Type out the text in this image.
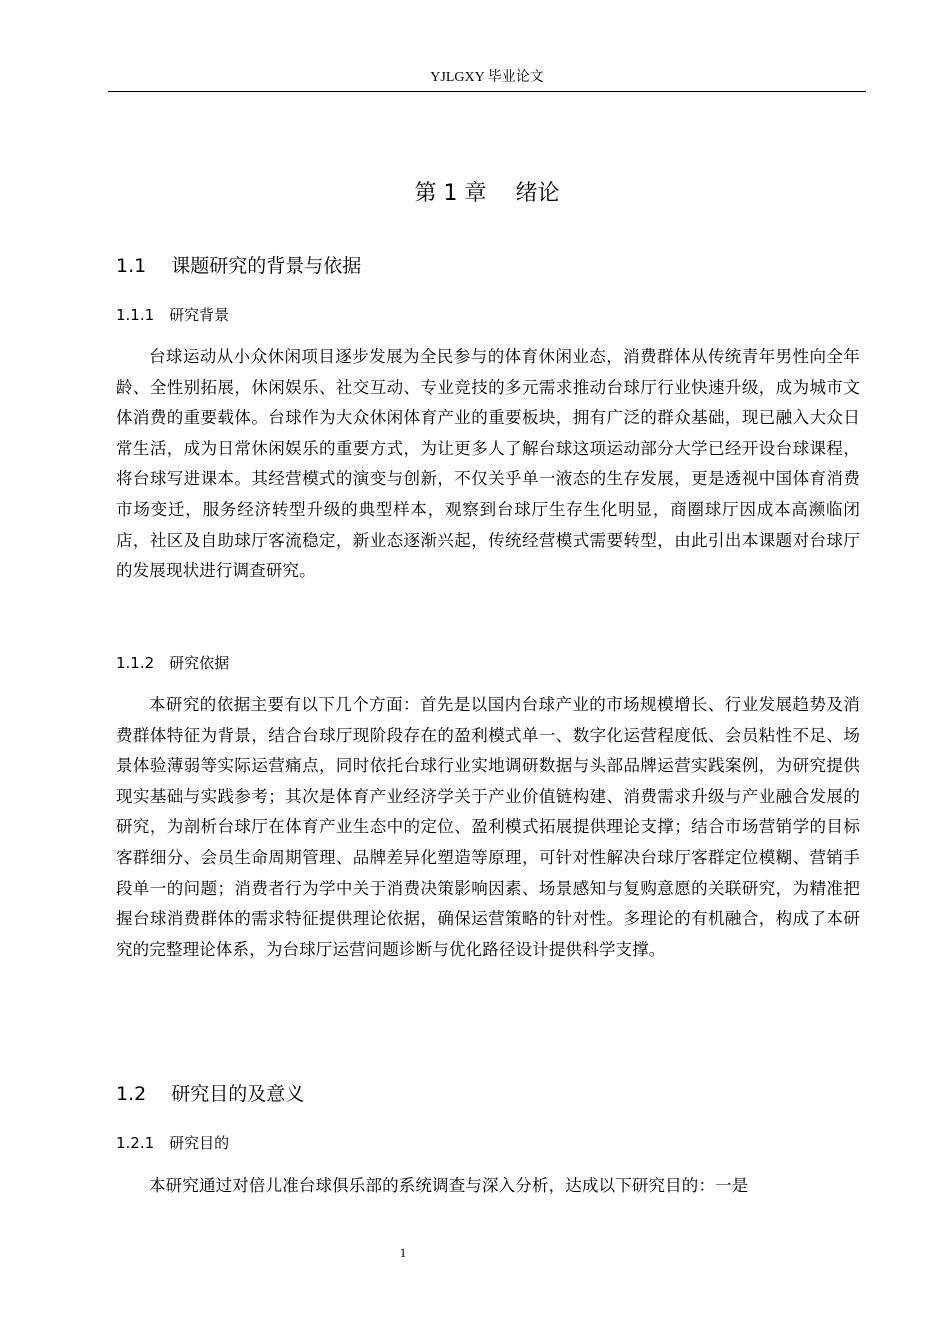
YJLGXY 毕业论文
第 1 章　 绪论
1.1　 课题研究的背景与依据
1.1.1　研究背景
台球运动从小众休闲项目逐步发展为全民参与的体育休闲业态，消费群体从传统青年男性向全年龄、全性别拓展，休闲娱乐、社交互动、专业竞技的多元需求推动台球厅行业快速升级，成为城市文体消费的重要载体。台球作为大众休闲体育产业的重要板块，拥有广泛的群众基础，现已融入大众日常生活，成为日常休闲娱乐的重要方式，为让更多人了解台球这项运动部分大学已经开设台球课程，将台球写进课本。其经营模式的演变与创新，不仅关乎单一液态的生存发展，更是透视中国体育消费市场变迁，服务经济转型升级的典型样本，观察到台球厅生存生化明显，商圈球厅因成本高濒临闭店，社区及自助球厅客流稳定，新业态逐渐兴起，传统经营模式需要转型，由此引出本课题对台球厅的发展现状进行调查研究。
1.1.2　研究依据
本研究的依据主要有以下几个方面：首先是以国内台球产业的市场规模增长、行业发展趋势及消费群体特征为背景，结合台球厅现阶段存在的盈利模式单一、数字化运营程度低、会员粘性不足、场景体验薄弱等实际运营痛点，同时依托台球行业实地调研数据与头部品牌运营实践案例，为研究提供现实基础与实践参考；其次是体育产业经济学关于产业价值链构建、消费需求升级与产业融合发展的研究，为剖析台球厅在体育产业生态中的定位、盈利模式拓展提供理论支撑；结合市场营销学的目标客群细分、会员生命周期管理、品牌差异化塑造等原理，可针对性解决台球厅客群定位模糊、营销手段单一的问题；消费者行为学中关于消费决策影响因素、场景感知与复购意愿的关联研究，为精准把握台球消费群体的需求特征提供理论依据，确保运营策略的针对性。多理论的有机融合，构成了本研究的完整理论体系，为台球厅运营问题诊断与优化路径设计提供科学支撑。
1.2　 研究目的及意义
1.2.1　研究目的
本研究通过对倍儿准台球俱乐部的系统调查与深入分析，达成以下研究目的：一是
1
